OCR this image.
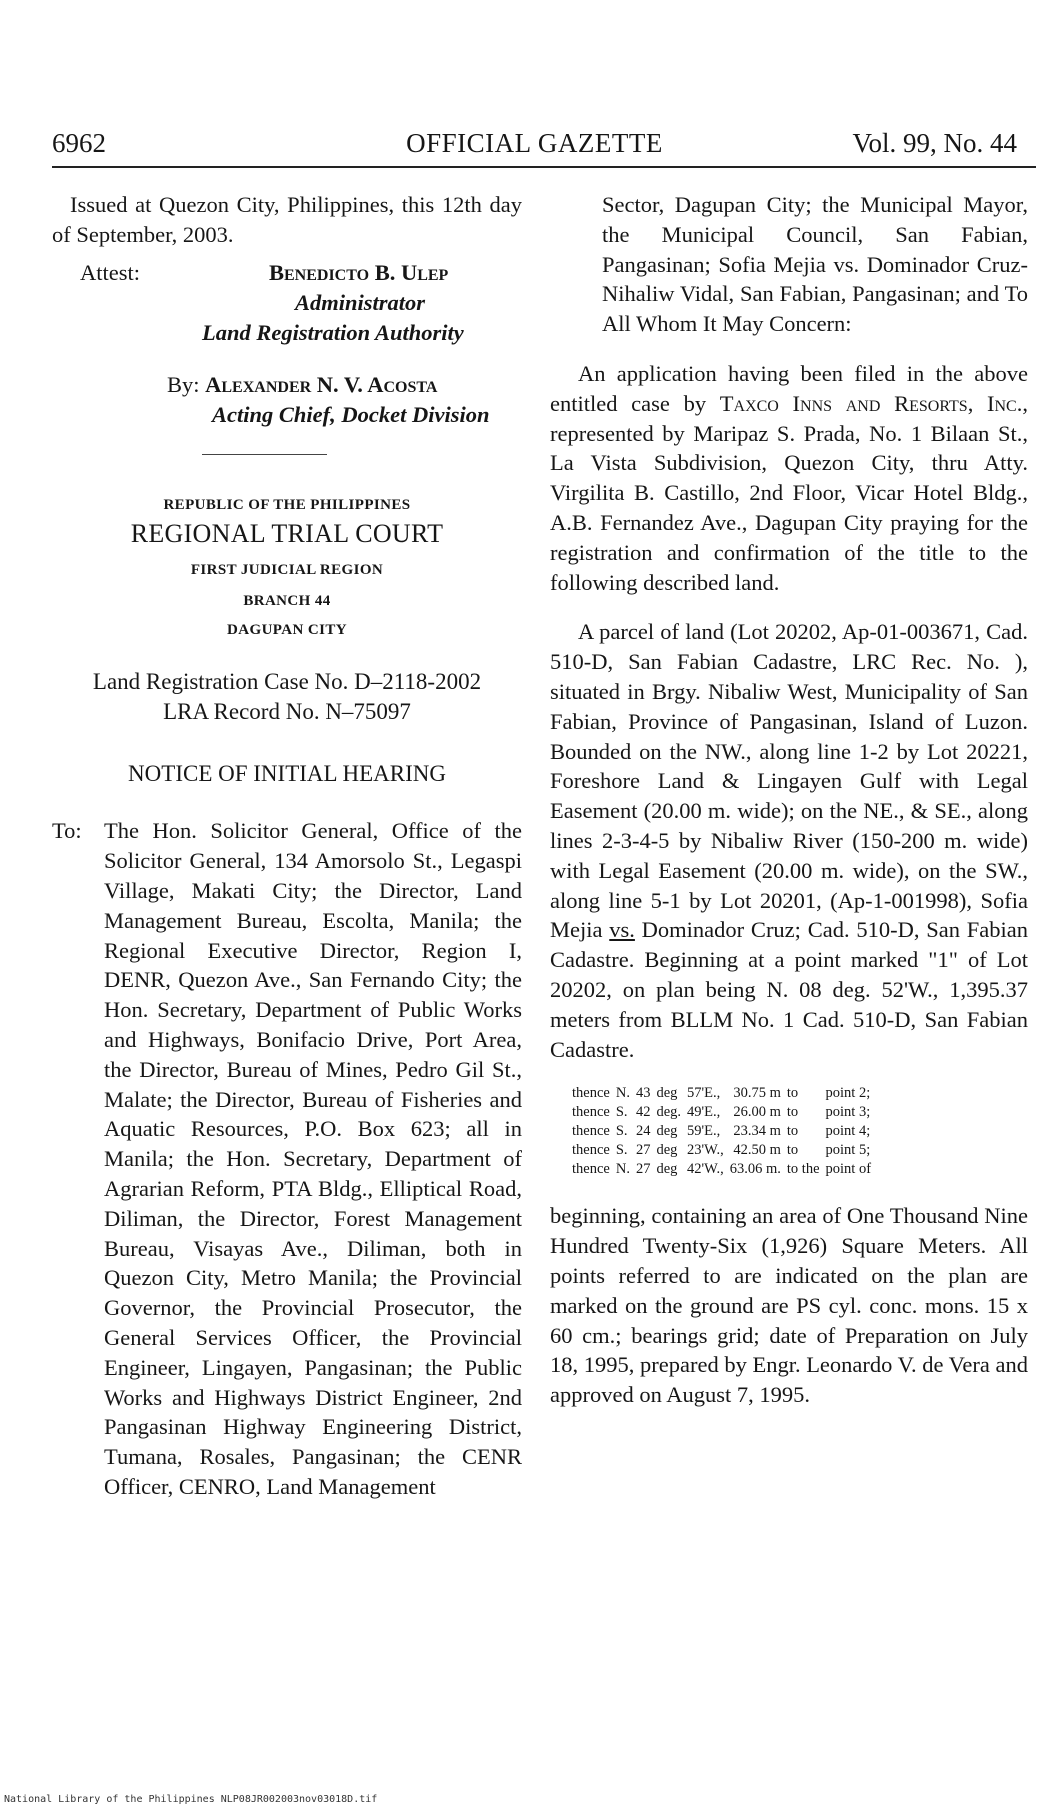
6962	OFFICIAL GAZETTE	Vol. 99, No. 44

Issued at Quezon City, Philippines, this 12th day of September, 2003.

Attest:	Benedicto B. Ulep
Administrator
Land Registration Authority
By: Alexander N. V. Acosta
Acting Chief, Docket Division
REPUBLIC OF THE PHILIPPINES
REGIONAL TRIAL COURT
FIRST JUDICIAL REGION
BRANCH 44
DAGUPAN CITY
Land Registration Case No. D–2118-2002
LRA Record No. N–75097
NOTICE OF INITIAL HEARING
To: The Hon. Solicitor General, Office of the Solicitor General, 134 Amorsolo St., Legaspi Village, Makati City; the Director, Land Management Bureau, Escolta, Manila; the Regional Executive Director, Region I, DENR, Quezon Ave., San Fernando City; the Hon. Secretary, Department of Public Works and Highways, Bonifacio Drive, Port Area, the Director, Bureau of Mines, Pedro Gil St., Malate; the Director, Bureau of Fisheries and Aquatic Resources, P.O. Box 623; all in Manila; the Hon. Secretary, Department of Agrarian Reform, PTA Bldg., Elliptical Road, Diliman, the Director, Forest Management Bureau, Visayas Ave., Diliman, both in Quezon City, Metro Manila; the Provincial Governor, the Provincial Prosecutor, the General Services Officer, the Provincial Engineer, Lingayen, Pangasinan; the Public Works and Highways District Engineer, 2nd Pangasinan Highway Engineering District, Tumana, Rosales, Pangasinan; the CENR Officer, CENRO, Land Management

Sector, Dagupan City; the Municipal Mayor, the Municipal Council, San Fabian, Pangasinan; Sofia Mejia vs. Dominador Cruz-Nihaliw Vidal, San Fabian, Pangasinan; and To All Whom It May Concern:

An application having been filed in the above entitled case by Taxco Inns and Resorts, Inc., represented by Maripaz S. Prada, No. 1 Bilaan St., La Vista Subdivision, Quezon City, thru Atty. Virgilita B. Castillo, 2nd Floor, Vicar Hotel Bldg., A.B. Fernandez Ave., Dagupan City praying for the registration and confirmation of the title to the following described land.

A parcel of land (Lot 20202, Ap-01-003671, Cad. 510-D, San Fabian Cadastre, LRC Rec. No. ), situated in Brgy. Nibaliw West, Municipality of San Fabian, Province of Pangasinan, Island of Luzon. Bounded on the NW., along line 1-2 by Lot 20221, Foreshore Land & Lingayen Gulf with Legal Easement (20.00 m. wide); on the NE., & SE., along lines 2-3-4-5 by Nibaliw River (150-200 m. wide) with Legal Easement (20.00 m. wide), on the SW., along line 5-1 by Lot 20201, (Ap-1-001998), Sofia Mejia vs. Dominador Cruz; Cad. 510-D, San Fabian Cadastre. Beginning at a point marked "1" of Lot 20202, on plan being N. 08 deg. 52'W., 1,395.37 meters from BLLM No. 1 Cad. 510-D, San Fabian Cadastre.

thence	N.	43	deg	57'E.,	30.75 m	to	point 2;
thence	S.	42	deg.	49'E.,	26.00 m	to	point 3;
thence	S.	24	deg	59'E.,	23.34 m	to	point 4;
thence	S.	27	deg	23'W.,	42.50 m	to	point 5;
thence	N.	27	deg	42'W.,	63.06 m.	to the	point of

beginning, containing an area of One Thousand Nine Hundred Twenty-Six (1,926) Square Meters. All points referred to are indicated on the plan are marked on the ground are PS cyl. conc. mons. 15 x 60 cm.; bearings grid; date of Preparation on July 18, 1995, prepared by Engr. Leonardo V. de Vera and approved on August 7, 1995.

National Library of the Philippines NLP08JR002003nov03018D.tif
